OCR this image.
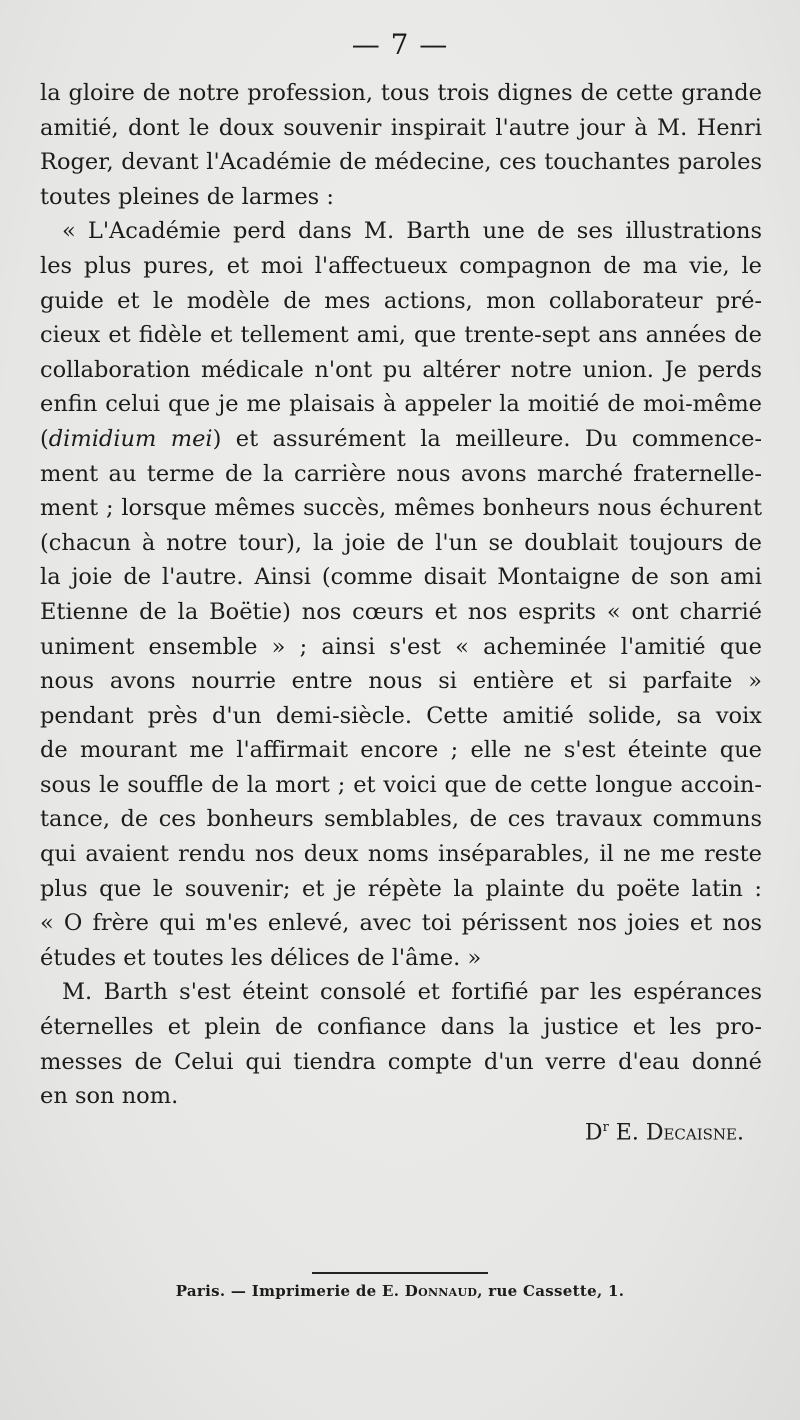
— 7 —
la gloire de notre profession, tous trois dignes de cette grande
amitié, dont le doux souvenir inspirait l'autre jour à M. Henri
Roger, devant l'Académie de médecine, ces touchantes paroles
toutes pleines de larmes :
« L'Académie perd dans M. Barth une de ses illustrations
les plus pures, et moi l'affectueux compagnon de ma vie, le
guide et le modèle de mes actions, mon collaborateur pré-
cieux et fidèle et tellement ami, que trente-sept ans années de
collaboration médicale n'ont pu altérer notre union. Je perds
enfin celui que je me plaisais à appeler la moitié de moi-même
(dimidium mei) et assurément la meilleure. Du commence-
ment au terme de la carrière nous avons marché fraternelle-
ment ; lorsque mêmes succès, mêmes bonheurs nous échurent
(chacun à notre tour), la joie de l'un se doublait toujours de
la joie de l'autre. Ainsi (comme disait Montaigne de son ami
Etienne de la Boëtie) nos cœurs et nos esprits « ont charrié
uniment ensemble » ; ainsi s'est « acheminée l'amitié que
nous avons nourrie entre nous si entière et si parfaite »
pendant près d'un demi-siècle. Cette amitié solide, sa voix
de mourant me l'affirmait encore ; elle ne s'est éteinte que
sous le souffle de la mort ; et voici que de cette longue accoin-
tance, de ces bonheurs semblables, de ces travaux communs
qui avaient rendu nos deux noms inséparables, il ne me reste
plus que le souvenir; et je répète la plainte du poëte latin :
« O frère qui m'es enlevé, avec toi périssent nos joies et nos
études et toutes les délices de l'âme. »
M. Barth s'est éteint consolé et fortifié par les espérances
éternelles et plein de confiance dans la justice et les pro-
messes de Celui qui tiendra compte d'un verre d'eau donné
en son nom.
$D^r$ E. Decaisne.
Paris. — Imprimerie de E. Donnaud, rue Cassette, 1.
